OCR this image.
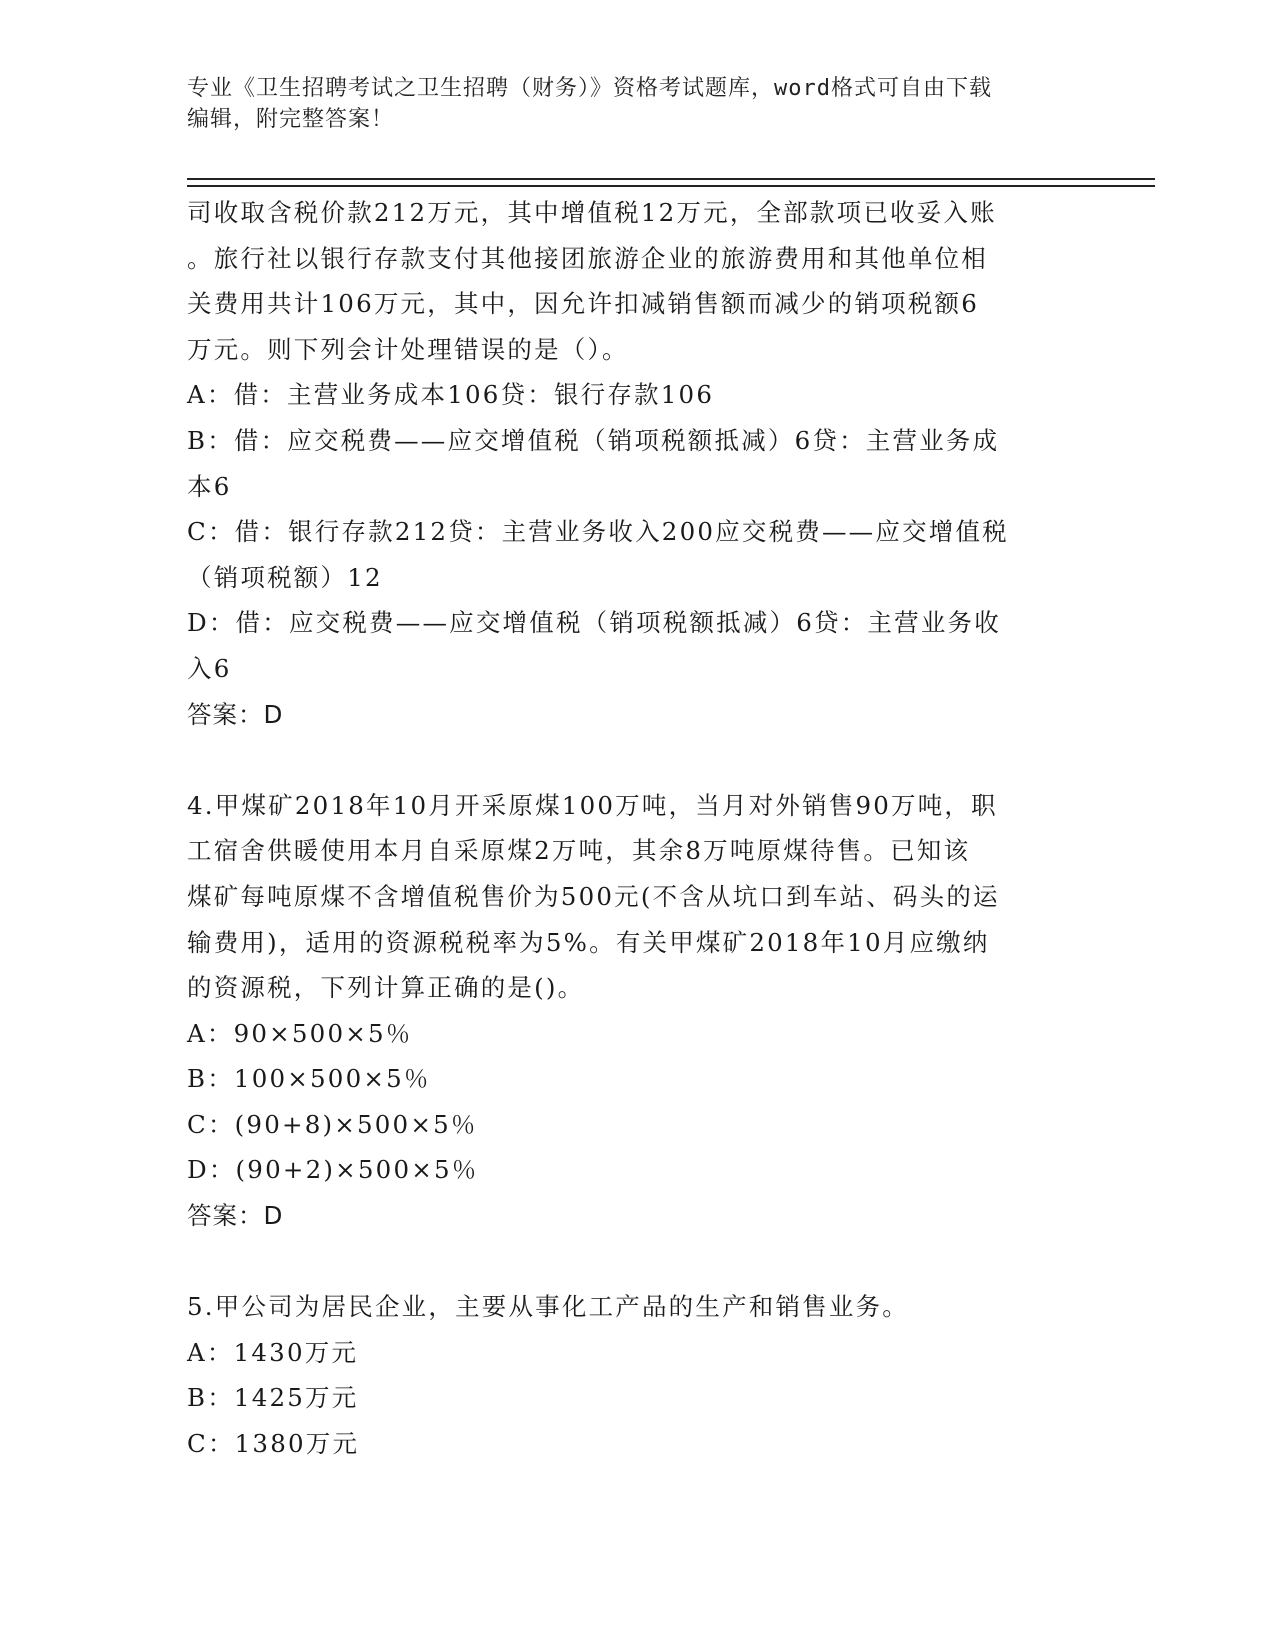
专业《卫生招聘考试之卫生招聘（财务）》资格考试题库，word格式可自由下载
编辑，附完整答案！
司收取含税价款212万元，其中增值税12万元，全部款项已收妥入账
。旅行社以银行存款支付其他接团旅游企业的旅游费用和其他单位相
关费用共计106万元，其中，因允许扣减销售额而减少的销项税额6
万元。则下列会计处理错误的是（）。
A：借：主营业务成本106贷：银行存款106
B：借：应交税费——应交增值税（销项税额抵减）6贷：主营业务成
本6
C：借：银行存款212贷：主营业务收入200应交税费——应交增值税
（销项税额）12
D：借：应交税费——应交增值税（销项税额抵减）6贷：主营业务收
入6
答案：D
4.甲煤矿2018年10月开采原煤100万吨，当月对外销售90万吨，职
工宿舍供暖使用本月自采原煤2万吨，其余8万吨原煤待售。已知该
煤矿每吨原煤不含增值税售价为500元(不含从坑口到车站、码头的运
输费用)，适用的资源税税率为5%。有关甲煤矿2018年10月应缴纳
的资源税，下列计算正确的是()。
A：90×500×5％
B：100×500×5％
C：(90+8)×500×5％
D：(90+2)×500×5％
答案：D
5.甲公司为居民企业，主要从事化工产品的生产和销售业务。
A：1430万元
B：1425万元
C：1380万元
